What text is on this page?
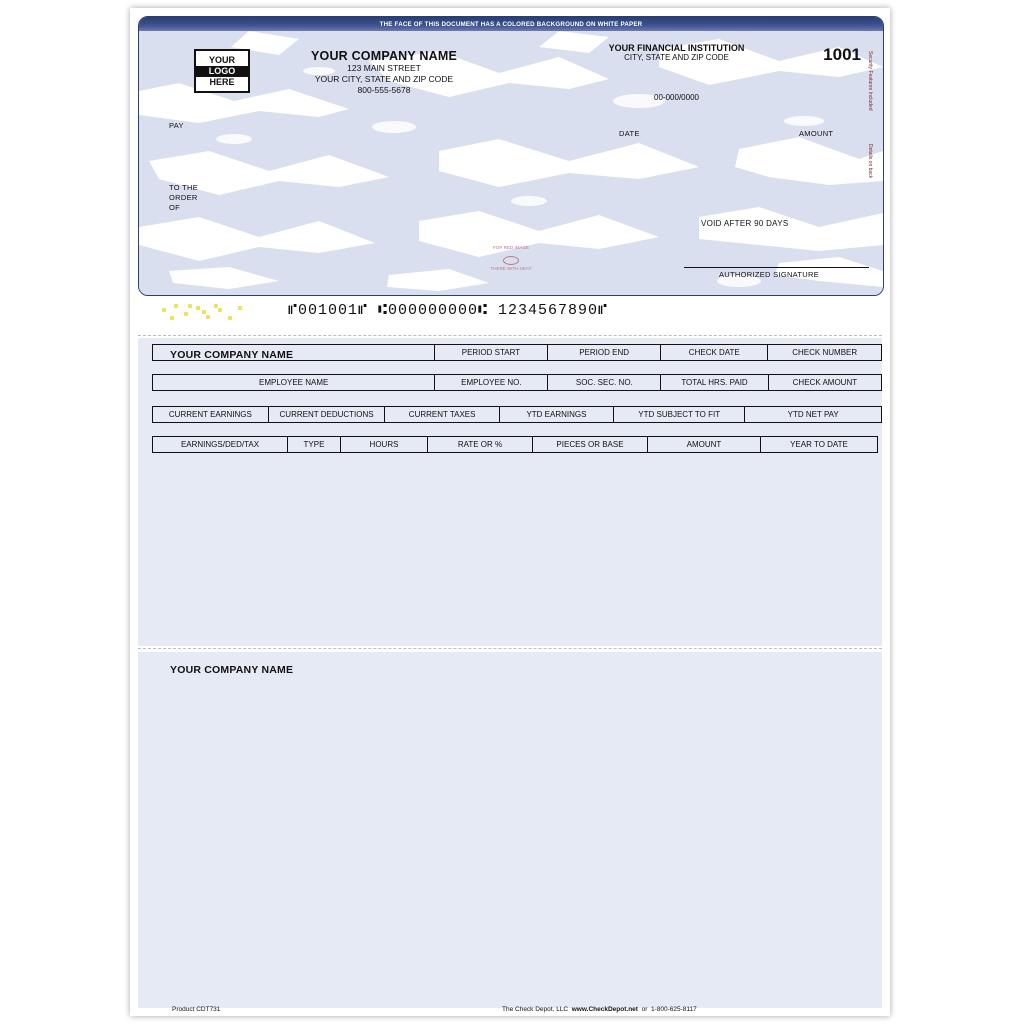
THE FACE OF THIS DOCUMENT HAS A COLORED BACKGROUND ON WHITE PAPER
YOUR
LOGO
HERE
YOUR COMPANY NAME
123 MAIN STREET
YOUR CITY, STATE AND ZIP CODE
800-555-5678
YOUR FINANCIAL INSTITUTION
CITY, STATE AND ZIP CODE
00-000/0000
1001
PAY
TO THE
ORDER
OF
DATE	AMOUNT
VOID AFTER 90 DAYS
AUTHORIZED SIGNATURE
FOR RED IMAGE
THERE WITH HEAT
Security Features Included
Details on back
⑈001001⑈ ⑆000000000⑆ 1234567890⑈
YOUR COMPANY NAME
		PERIOD START	PERIOD END	CHECK DATE	CHECK NUMBER
EMPLOYEE NAME	EMPLOYEE NO.	SOC. SEC. NO.	TOTAL HRS. PAID	CHECK AMOUNT
CURRENT EARNINGS	CURRENT DEDUCTIONS	CURRENT TAXES	YTD EARNINGS	YTD SUBJECT TO FIT	YTD NET PAY
EARNINGS/DED/TAX	TYPE	HOURS	RATE OR %	PIECES OR BASE	AMOUNT	YEAR TO DATE
YOUR COMPANY NAME
Product CDT731	The Check Depot, LLC www.CheckDepot.net or 1-800-625-8117
